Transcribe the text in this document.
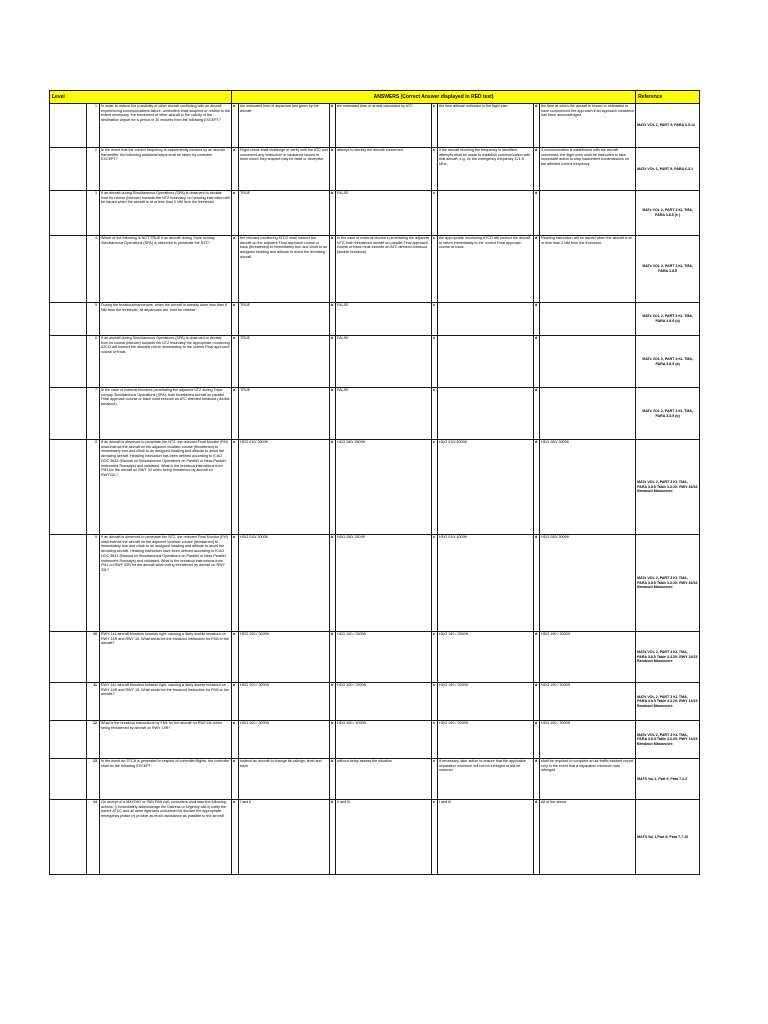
Level			ANSWERS (Correct Answer displayed in RED text)								Reference
	1	In order to reduce the possibility of other aircraft conflicting with an aircraft experiencing communications failure, controllers shall suspend or restrict to the extent necessary, the movement of other aircraft in the vicinity of the destination airport for a period of 30 minutes from the following EXCEPT?	a	the estimated time of departure last given by the aircraft	b	the estimated time of arrival calculated by ATC	c	the time altitude indicated in the flight plan	d	the time at which the aircraft is known or estimated to have commenced the approach if an approach clearance has been acknowledged.	MATs VOL 1, PART 9, PARA 6.5.12
	2	In the event that the control frequency is inadvertently blocked by an aircraft transmitter, the following additional steps shall be taken by controller EXCEPT?	a	Flight crews shall challenge or verify with the ATC unit concerned any instruction or clearance issued to them which they suspect may be false or deceptive.	b	attempt to identify the aircraft concerned	c	if the aircraft blocking the frequency is identified, attempts shall be made to establish communication with that aircraft, e.g. on the emergency frequency 121.5 MHz,	d	if communication is established with the aircraft concerned, the flight crew shall be instructed to take immediate action to stop inadvertent transmissions on the affected control frequency	MATs VOL 1, PART 9, PARA 6.3.1
	3	If an aircraft during Simultaneous Operations (SPA) is observed to deviate from its course (blunder) towards the NTZ boundary, no heading instruction will be issued when the aircraft is at or less than 2 NM from the threshold.	a	TRUE	b	FALSE	c		d		MATs VOL 2, PART 3 KL TMA, PARA 3.8.5 (e )
	4	Which of the following is NOT TRUE if an aircraft during Triple runway Simultaneous Operations (SPA) is observed to penetrate the NTZ?	a	the relevant monitoring ATCO shall instruct the aircraft on the adjacent Final approach course or track (threatened) to immediately turn and climb to an assigned heading and altitude to avoid the deviating aircraft	b	In the case of external blunders penetrating the adjacent NTZ, both threatened aircraft on parallel Final approach course or track must execute an ATC directed breakout (double breakout).	c	the appropriate monitoring ATCO will instruct the aircraft to return immediately to the correct Final approach course or track.	d	Heading instruction will be issued when the aircraft is at or less than 2 NM from the threshold.	MATs VOL 2, PART 3 KL TMA, PARA 3.8.5
	5	During the breakout/manoeuvre, when the aircraft is already done less than 6 NM from the threshold, all departures are 'hold for release'.	a	TRUE	b	FALSE	c		d		MATs VOL 2, PART 3 KL TMA, PARA 3.8.6 (d)
	6	If an aircraft during Simultaneous Operations (SPA) is observed to deviate from its course (blunder) towards the NTZ boundary the appropriate monitoring ATCO will instruct the aircrafts return immediately to the correct Final approach course or track.	a	TRUE	b	FALSE	c		d		MATs VOL 2, PART 3 KL TMA, PARA 3.8.5 (a)
	7	In the case of external blunders penetrating the adjacent NTZ during Triple runway Simultaneous Operations (SPA), both threatened aircraft on parallel Final approach course or track must execute an ATC directed breakout (double breakout).	a	TRUE	b	FALSE	c		d		MATs VOL 2, PART 3 KL TMA, PARA 3.8.5 (b)
	8	If an aircraft is observed to penetrate the NTZ, the relevant Final Monitor (FM) shall instruct the aircraft on the adjacent localizer course (threatened) to immediately turn and climb to an assigned heading and altitude to avoid the deviating aircraft. Heading instruction has been defined according to ICAO DOC 9643 (Manual on Simultaneous Operations on Parallel or Near-Parallel Instrument Runways) and validated. What is the breakout instructions from FM3 for the aircraft on RWY 33 when being threatened by aircraft on RWY32L?	a	HDG 010/ 3000ft	b	HDG 280/ 2500ft	c	HDG 010/ 4000ft	d	HDG 280/ 3000ft	MATs VOL 2, PART 3 KL TMA, PARA 3.8.5 Table 3.3.20: RWY 32/33 Breakout Manoeuvre
	9	If an aircraft is observed to penetrate the NTZ, the relevant Final Monitor (FM) shall instruct the aircraft on the adjacent localizer course (threatened) to immediately turn and climb to an assigned heading and altitude to avoid the deviating aircraft. Heading instruction have been defined according to ICAO DOC 9643 (Manual on Simultaneous Operations on Parallel or Near-Parallel Instrument Runways) and validated. What is the breakout instructions from FM1 on RWY 32R for the aircraft when being threatened by aircraft on RWY 33L?	a	HDG 010/ 3000ft	b	HDG 280/ 2500ft	c	HDG 010/ 4000ft	d	HDG 280/ 3000ft	MATs VOL 2, PART 3 KL TMA, PARA 3.8.5 Table 3.3.20: RWY 32/33 Breakout Manoeuvre
	10	RWY 14L aircraft blunders towards right, causing a likely double breakout on RWY 14R and RWY 15. What would be the breakout instruction for FM3 to the aircraft?	a	HDG 100 / 3000ft	b	HDG 100 / 2500ft	c	HDG 190 / 2500ft	d	HDG 190 / 3000ft	MATs VOL 2, PART 3 KL TMA, PARA 3.8.5 Table 3.3.20: RWY 14/15 Breakout Manoeuvre
	11	RWY 14L aircraft blunders towards right, causing a likely double breakout on RWY 14R and RWY 15. What would be the breakout instruction for FM3 to the aircraft?	a	HDG 100 / 3000ft	b	HDG 100 / 2500ft	c	HDG 190 / 2500ft	d	HDG 190 / 3000ft	MATs VOL 2, PART 3 KL TMA, PARA 3.8.5 Table 3.3.20: RWY 14/15 Breakout Manoeuvre
	12	What is the breakout instructions by FM1 for the aircraft on RWY14L when being threatened by aircraft on RWY 14R?	a	HDG 100 / 3000ft	b	HDG 100 / 4000ft	c	HDG 190 / 2500ft	d	HDG 190 / 3000ft	MATs VOL 2, PART 3 KL TMA, PARA 3.8.5 Table 3.3.20: RWY 14/15 Breakout Manoeuvre
	13	In the event an STCA is generated in respect of controlled flights, the controller shall do the following EXCEPT:	a	Instruct an aircraft to change its callsign, level and track	b	without delay assess the situation	c	if necessary, take action to ensure that the applicable separation minimum will not be infringed or will be restored	d	shall be required to complete an air traffic incident report only in the event that a separation minimum was infringed.	MATS Vol 1, Part 9, Para 7.2.3
	14	On receipt of a MAYDAY or PAN PAN call, controllers shall take the following actions: i) immediately acknowledge the Distress or Urgency call ii) notify the parent ATCC and all other agencies concerned iii) declare the appropriate emergency phase iv) provide as much assistance as possible to the aircraft	a	I and II	b	II and III	c	I and III	d	All of the above	MATS Vol 1,Part 9, Para 7.7.10
